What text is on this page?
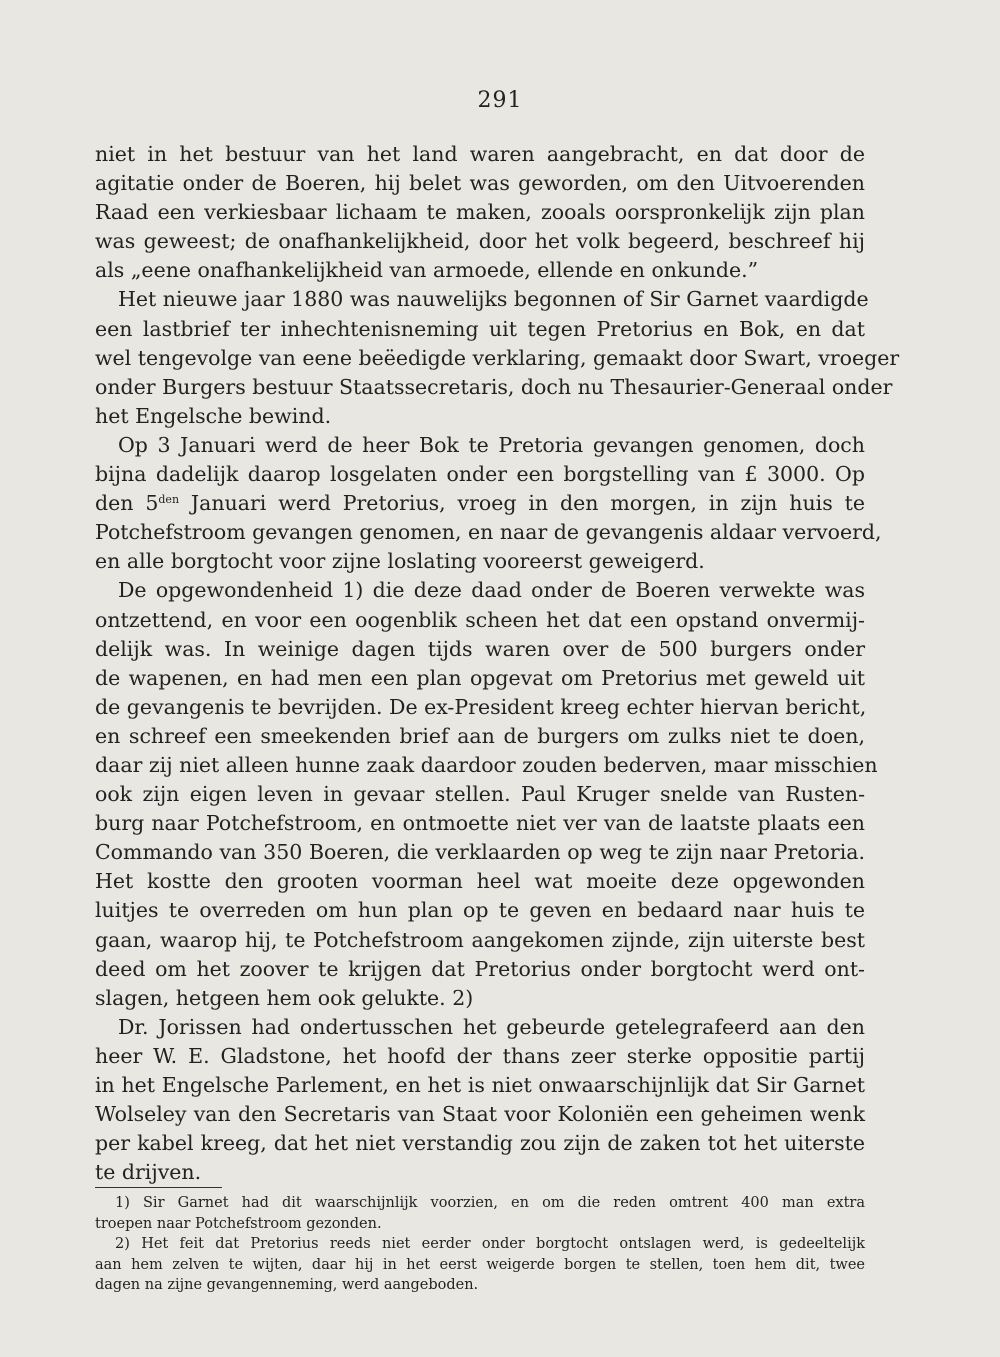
291
niet in het bestuur van het land waren aangebracht, en dat door de
agitatie onder de Boeren, hij belet was geworden, om den Uitvoerenden
Raad een verkiesbaar lichaam te maken, zooals oorspronkelijk zijn plan
was geweest; de onafhankelijkheid, door het volk begeerd, beschreef hij
als „eene onafhankelijkheid van armoede, ellende en onkunde.”
Het nieuwe jaar 1880 was nauwelijks begonnen of Sir Garnet vaardigde
een lastbrief ter inhechtenisneming uit tegen Pretorius en Bok, en dat
wel tengevolge van eene beëedigde verklaring, gemaakt door Swart, vroeger
onder Burgers bestuur Staatssecretaris, doch nu Thesaurier-Generaal onder
het Engelsche bewind.
Op 3 Januari werd de heer Bok te Pretoria gevangen genomen, doch
bijna dadelijk daarop losgelaten onder een borgstelling van £ 3000. Op
den $5^{den}$ Januari werd Pretorius, vroeg in den morgen, in zijn huis te
Potchefstroom gevangen genomen, en naar de gevangenis aldaar vervoerd,
en alle borgtocht voor zijne loslating vooreerst geweigerd.
De opgewondenheid 1) die deze daad onder de Boeren verwekte was
ontzettend, en voor een oogenblik scheen het dat een opstand onvermij-
delijk was. In weinige dagen tijds waren over de 500 burgers onder
de wapenen, en had men een plan opgevat om Pretorius met geweld uit
de gevangenis te bevrijden. De ex-President kreeg echter hiervan bericht,
en schreef een smeekenden brief aan de burgers om zulks niet te doen,
daar zij niet alleen hunne zaak daardoor zouden bederven, maar misschien
ook zijn eigen leven in gevaar stellen. Paul Kruger snelde van Rusten-
burg naar Potchefstroom, en ontmoette niet ver van de laatste plaats een
Commando van 350 Boeren, die verklaarden op weg te zijn naar Pretoria.
Het kostte den grooten voorman heel wat moeite deze opgewonden
luitjes te overreden om hun plan op te geven en bedaard naar huis te
gaan, waarop hij, te Potchefstroom aangekomen zijnde, zijn uiterste best
deed om het zoover te krijgen dat Pretorius onder borgtocht werd ont-
slagen, hetgeen hem ook gelukte. 2)
Dr. Jorissen had ondertusschen het gebeurde getelegrafeerd aan den
heer W. E. Gladstone, het hoofd der thans zeer sterke oppositie partij
in het Engelsche Parlement, en het is niet onwaarschijnlijk dat Sir Garnet
Wolseley van den Secretaris van Staat voor Koloniën een geheimen wenk
per kabel kreeg, dat het niet verstandig zou zijn de zaken tot het uiterste
te drijven.
1) Sir Garnet had dit waarschijnlijk voorzien, en om die reden omtrent 400 man extra
troepen naar Potchefstroom gezonden.
2) Het feit dat Pretorius reeds niet eerder onder borgtocht ontslagen werd, is gedeeltelijk
aan hem zelven te wijten, daar hij in het eerst weigerde borgen te stellen, toen hem dit, twee
dagen na zijne gevangenneming, werd aangeboden.
